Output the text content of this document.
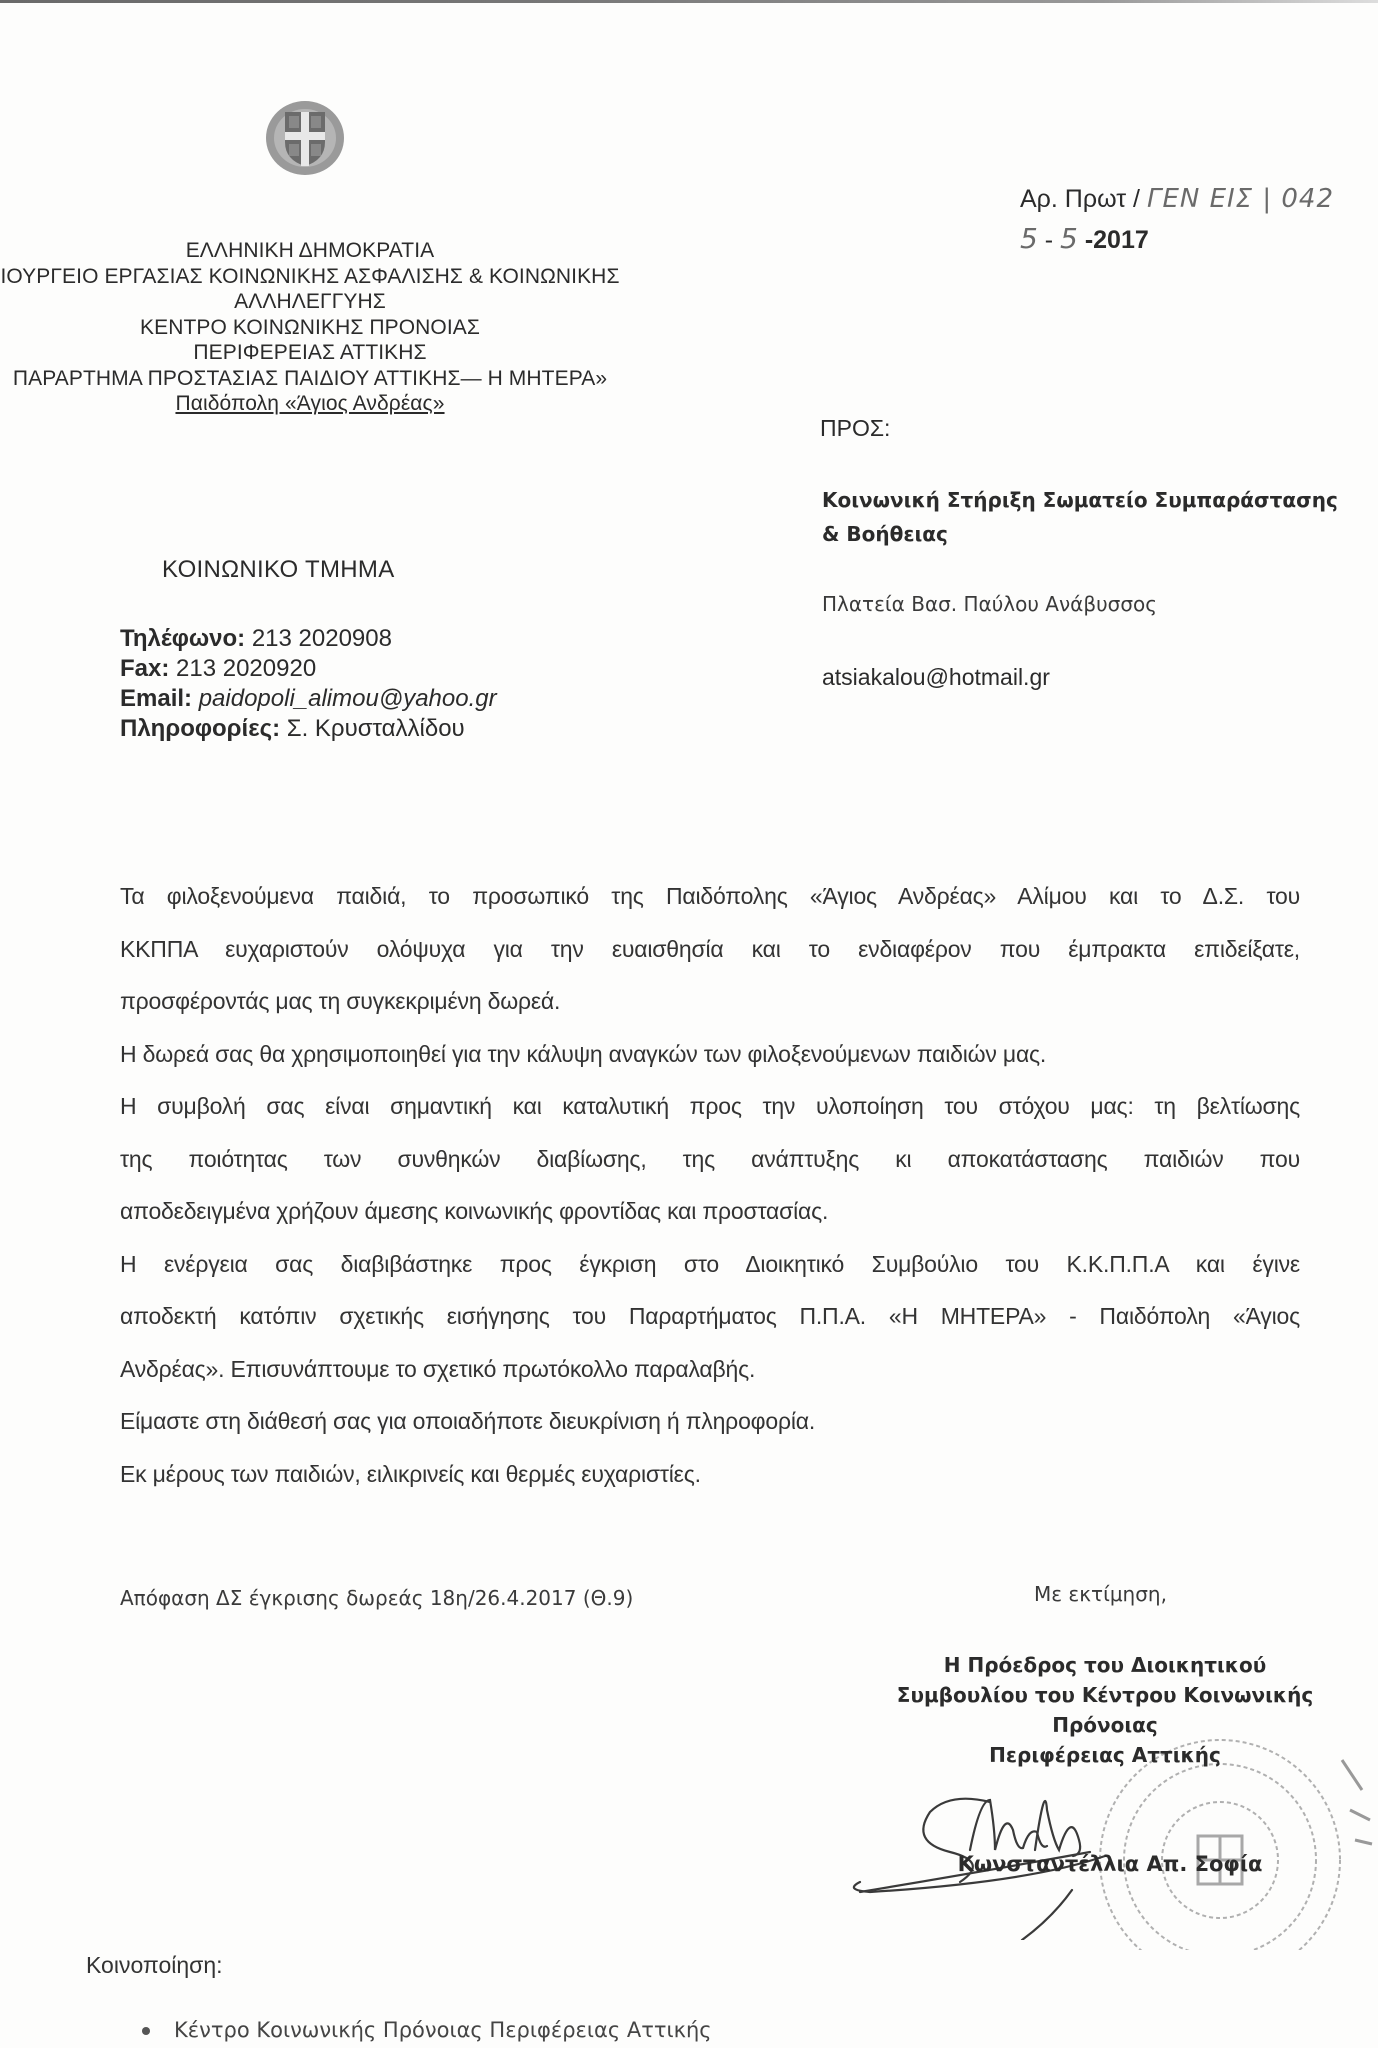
ΕΛΛΗΝΙΚΗ ΔΗΜΟΚΡΑΤΙΑ
ΙΟΥΡΓΕΙΟ ΕΡΓΑΣΙΑΣ ΚΟΙΝΩΝΙΚΗΣ ΑΣΦΑΛΙΣΗΣ & ΚΟΙΝΩΝΙΚΗΣ
ΑΛΛΗΛΕΓΓΥΗΣ
ΚΕΝΤΡΟ ΚΟΙΝΩΝΙΚΗΣ ΠΡΟΝΟΙΑΣ
ΠΕΡΙΦΕΡΕΙΑΣ ΑΤΤΙΚΗΣ
ΠΑΡΑΡΤΗΜΑ ΠΡΟΣΤΑΣΙΑΣ ΠΑΙΔΙΟΥ ΑΤΤΙΚΗΣ— Η ΜΗΤΕΡΑ»
Παιδόπολη «Άγιος Ανδρέας»
Αρ. Πρωτ / ΓΕΝ ΕΙΣ | 042
5 - 5 -2017
ΚΟΙΝΩΝΙΚΟ ΤΜΗΜΑ
Τηλέφωνο: 213 2020908
Fax: 213 2020920
Email: paidopoli_alimou@yahoo.gr
Πληροφορίες: Σ. Κρυσταλλίδου
ΠΡΟΣ:
Κοινωνική Στήριξη Σωματείο Συμπαράστασης
& Βοήθειας
Πλατεία Βασ. Παύλου Ανάβυσσος
atsiakalou@hotmail.gr
Τα φιλοξενούμενα παιδιά, το προσωπικό της Παιδόπολης «Άγιος Ανδρέας» Αλίμου και το Δ.Σ. του
ΚΚΠΠΑ ευχαριστούν ολόψυχα για την ευαισθησία και το ενδιαφέρον που έμπρακτα επιδείξατε,
προσφέροντάς μας τη συγκεκριμένη δωρεά.
Η δωρεά σας θα χρησιμοποιηθεί για την κάλυψη αναγκών των φιλοξενούμενων παιδιών μας.
Η συμβολή σας είναι σημαντική και καταλυτική προς την υλοποίηση του στόχου μας: τη βελτίωσης
της ποιότητας των συνθηκών διαβίωσης, της ανάπτυξης κι αποκατάστασης παιδιών που
αποδεδειγμένα χρήζουν άμεσης κοινωνικής φροντίδας και προστασίας.
Η ενέργεια σας διαβιβάστηκε προς έγκριση στο Διοικητικό Συμβούλιο του Κ.Κ.Π.Π.Α και έγινε
αποδεκτή κατόπιν σχετικής εισήγησης του Παραρτήματος Π.Π.Α. «Η ΜΗΤΕΡΑ» - Παιδόπολη «Άγιος
Ανδρέας». Επισυνάπτουμε το σχετικό πρωτόκολλο παραλαβής.
Είμαστε στη διάθεσή σας για οποιαδήποτε διευκρίνιση ή πληροφορία.
Εκ μέρους των παιδιών, ειλικρινείς και θερμές ευχαριστίες.
Απόφαση ΔΣ έγκρισης δωρεάς 18η/26.4.2017 (Θ.9)	Με εκτίμηση,
Η Πρόεδρος του Διοικητικού
Συμβουλίου του Κέντρου Κοινωνικής
Πρόνοιας
Περιφέρειας Αττικής
Κωνσταντέλλια Απ. Σοφία
Κοινοποίηση:
Κέντρο Κοινωνικής Πρόνοιας Περιφέρειας Αττικής
